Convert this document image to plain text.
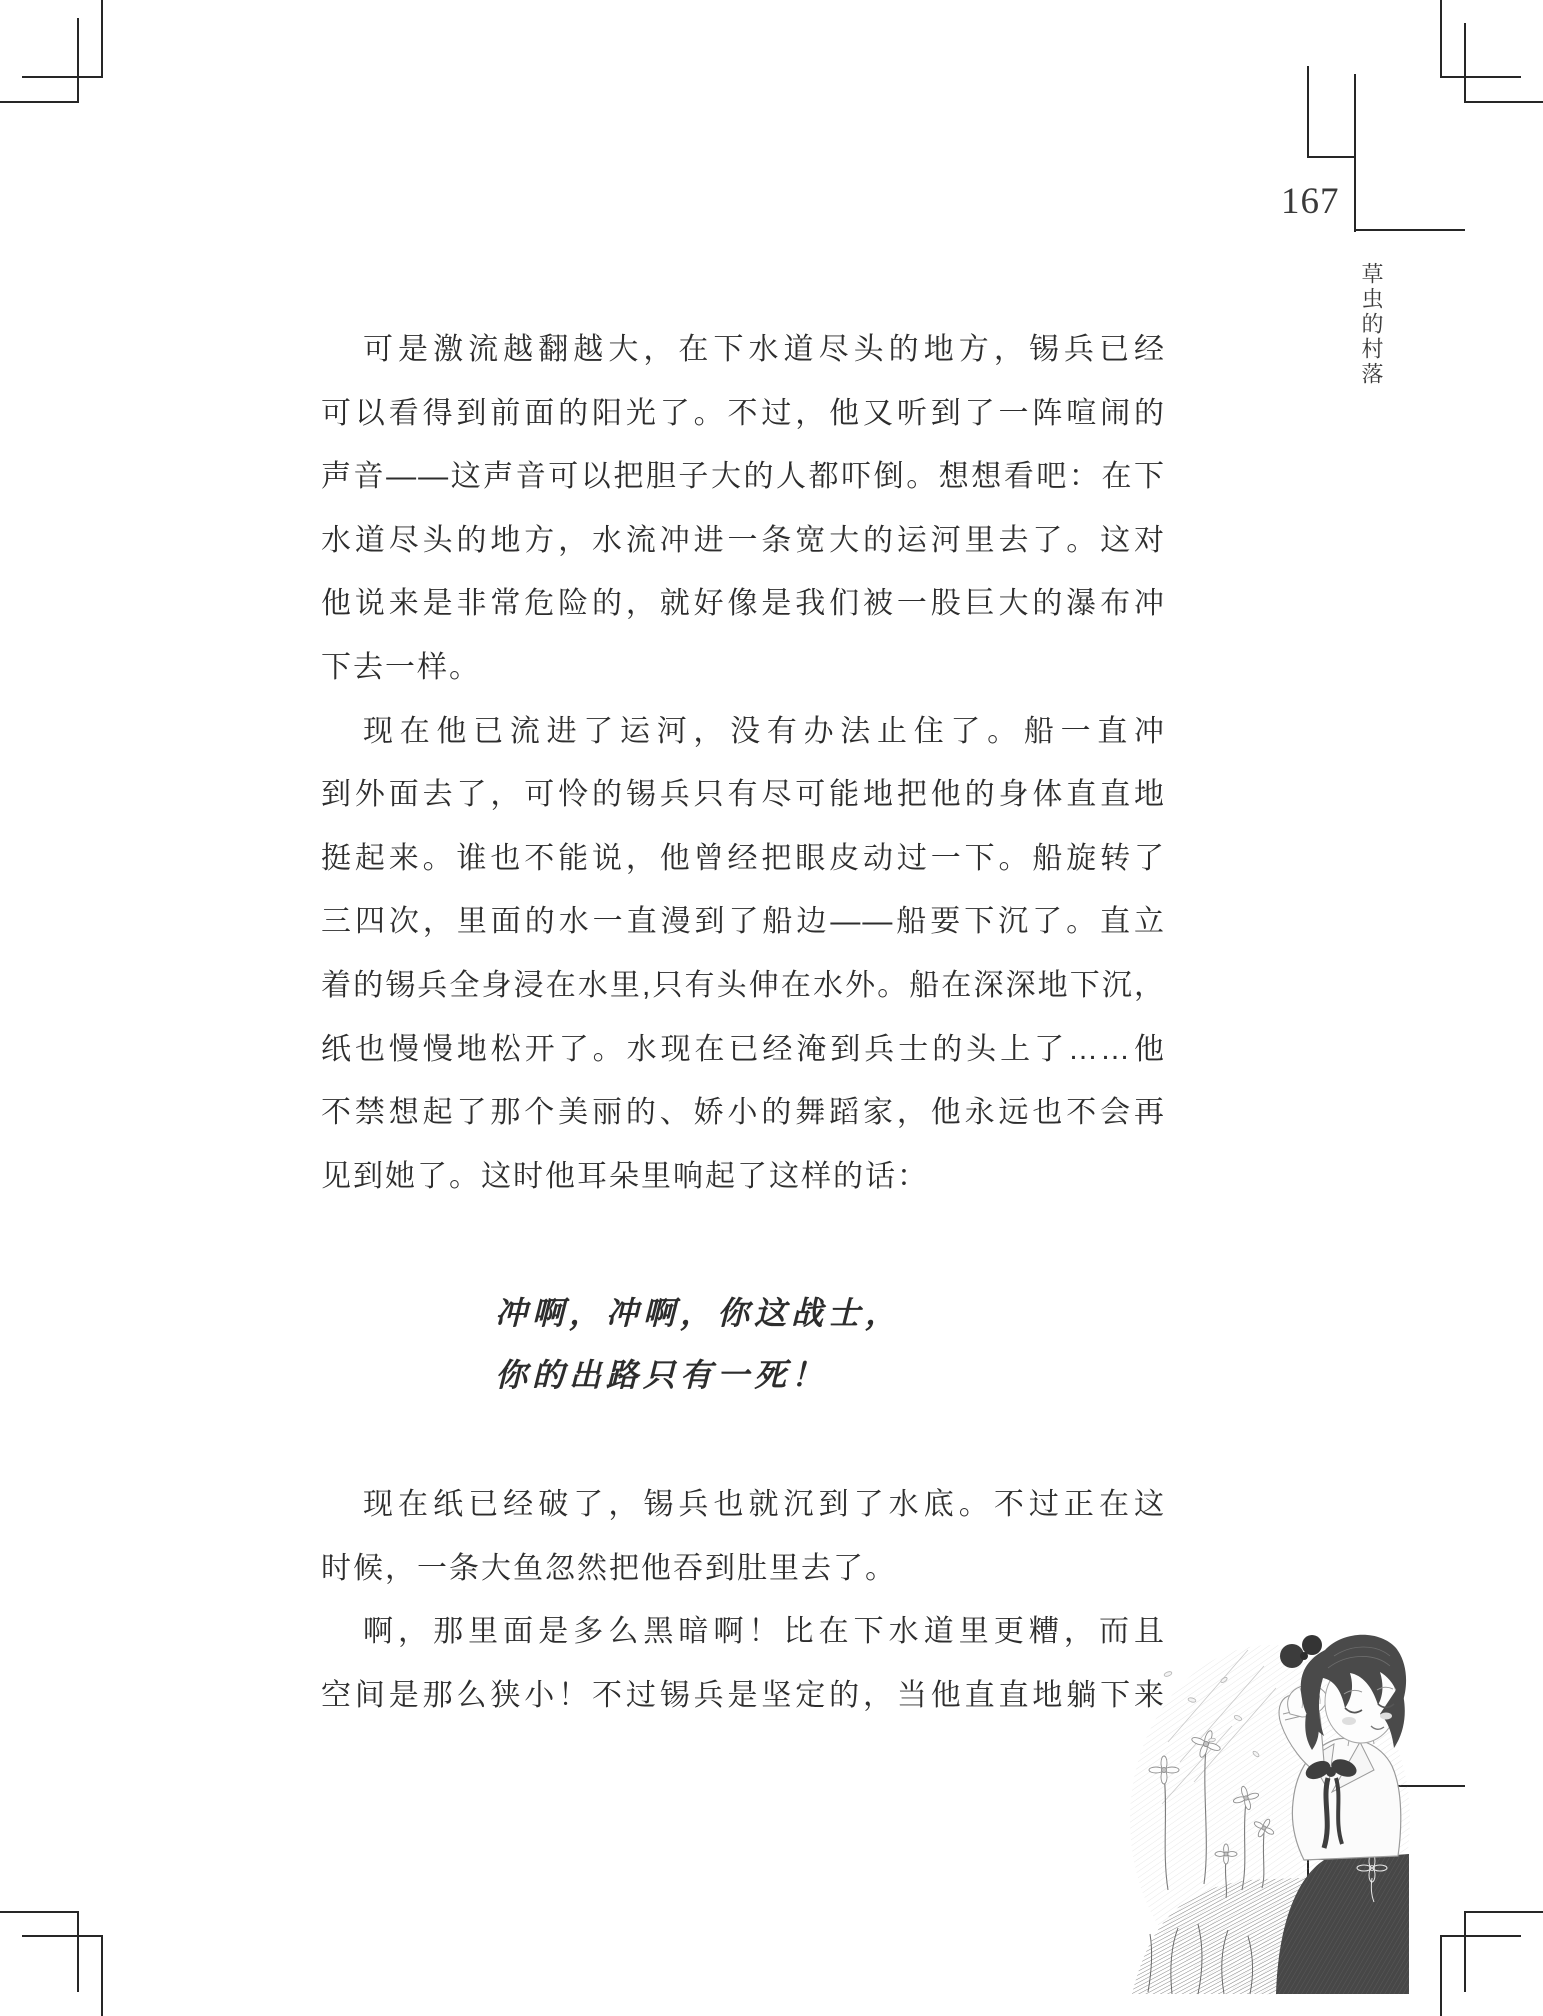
167
草虫的村落
可是激流越翻越大，在下水道尽头的地方，锡兵已经
可以看得到前面的阳光了。不过，他又听到了一阵喧闹的
声音——这声音可以把胆子大的人都吓倒。想想看吧：在下
水道尽头的地方，水流冲进一条宽大的运河里去了。这对
他说来是非常危险的，就好像是我们被一股巨大的瀑布冲
下去一样。
现在他已流进了运河，没有办法止住了。船一直冲
到外面去了，可怜的锡兵只有尽可能地把他的身体直直地
挺起来。谁也不能说，他曾经把眼皮动过一下。船旋转了
三四次，里面的水一直漫到了船边——船要下沉了。直立
着的锡兵全身浸在水里,只有头伸在水外。船在深深地下沉，
纸也慢慢地松开了。水现在已经淹到兵士的头上了……他
不禁想起了那个美丽的、娇小的舞蹈家，他永远也不会再
见到她了。这时他耳朵里响起了这样的话：
冲啊，冲啊，你这战士，
你的出路只有一死！
现在纸已经破了，锡兵也就沉到了水底。不过正在这
时候，一条大鱼忽然把他吞到肚里去了。
啊，那里面是多么黑暗啊！比在下水道里更糟，而且
空间是那么狭小！不过锡兵是坚定的，当他直直地躺下来
